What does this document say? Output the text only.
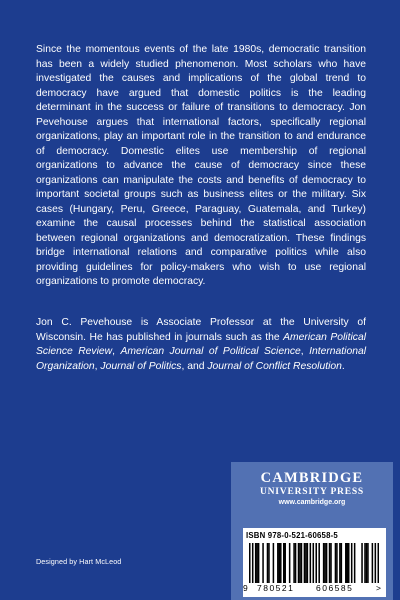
Since the momentous events of the late 1980s, democratic transition has been a widely studied phenomenon. Most scholars who have investigated the causes and implications of the global trend to democracy have argued that domestic politics is the leading determinant in the success or failure of transitions to democracy. Jon Pevehouse argues that international factors, specifically regional organizations, play an important role in the transition to and endurance of democracy. Domestic elites use membership of regional organizations to advance the cause of democracy since these organizations can manipulate the costs and benefits of democracy to important societal groups such as business elites or the military. Six cases (Hungary, Peru, Greece, Paraguay, Guatemala, and Turkey) examine the causal processes behind the statistical association between regional organizations and democratization. These findings bridge international relations and comparative politics while also providing guidelines for policy-makers who wish to use regional organizations to promote democracy.

Jon C. Pevehouse is Associate Professor at the University of Wisconsin. He has published in journals such as the American Political Science Review, American Journal of Political Science, International Organization, Journal of Politics, and Journal of Conflict Resolution.

Designed by Hart McLeod
CAMBRIDGE
UNIVERSITY PRESS
www.cambridge.org
ISBN 978-0-521-60658-5
9 780521	606585	>
